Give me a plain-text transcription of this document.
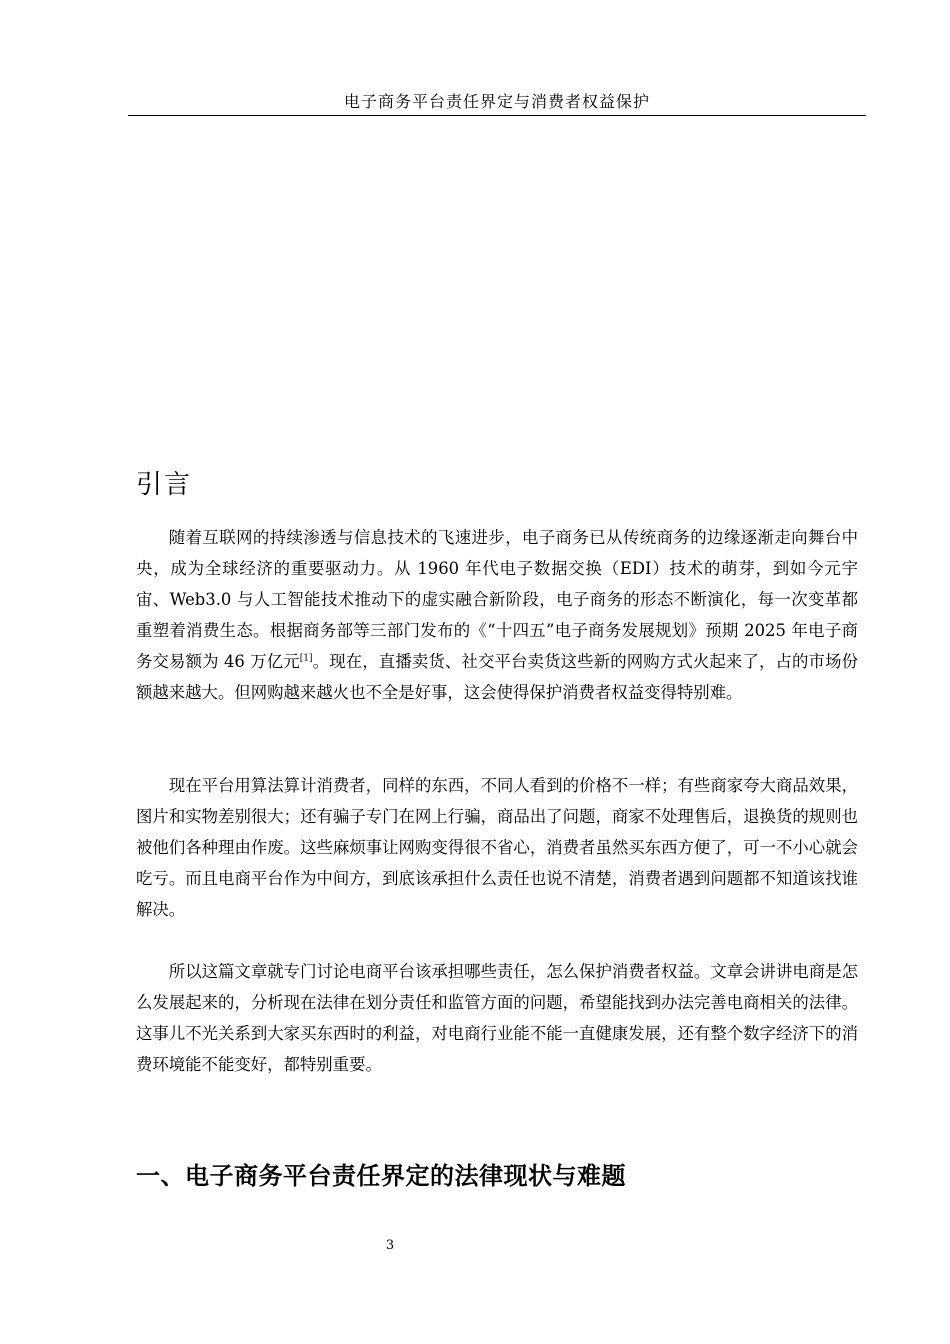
电子商务平台责任界定与消费者权益保护
引言

随着互联网的持续渗透与信息技术的飞速进步，电子商务已从传统商务的边缘逐渐走向舞台中央，成为全球经济的重要驱动力。从 1960 年代电子数据交换（EDI）技术的萌芽，到如今元宇宙、Web3.0 与人工智能技术推动下的虚实融合新阶段，电子商务的形态不断演化，每一次变革都重塑着消费生态。根据商务部等三部门发布的《“十四五”电子商务发展规划》预期 2025 年电子商务交易额为 46 万亿元[1]。现在，直播卖货、社交平台卖货这些新的网购方式火起来了，占的市场份额越来越大。但网购越来越火也不全是好事，这会使得保护消费者权益变得特别难。

现在平台用算法算计消费者，同样的东西，不同人看到的价格不一样；有些商家夸大商品效果，图片和实物差别很大；还有骗子专门在网上行骗，商品出了问题，商家不处理售后，退换货的规则也被他们各种理由作废。这些麻烦事让网购变得很不省心，消费者虽然买东西方便了，可一不小心就会吃亏。而且电商平台作为中间方，到底该承担什么责任也说不清楚，消费者遇到问题都不知道该找谁解决。

所以这篇文章就专门讨论电商平台该承担哪些责任，怎么保护消费者权益。文章会讲讲电商是怎么发展起来的，分析现在法律在划分责任和监管方面的问题，希望能找到办法完善电商相关的法律。这事儿不光关系到大家买东西时的利益，对电商行业能不能一直健康发展，还有整个数字经济下的消费环境能不能变好，都特别重要。

一、电子商务平台责任界定的法律现状与难题
3
